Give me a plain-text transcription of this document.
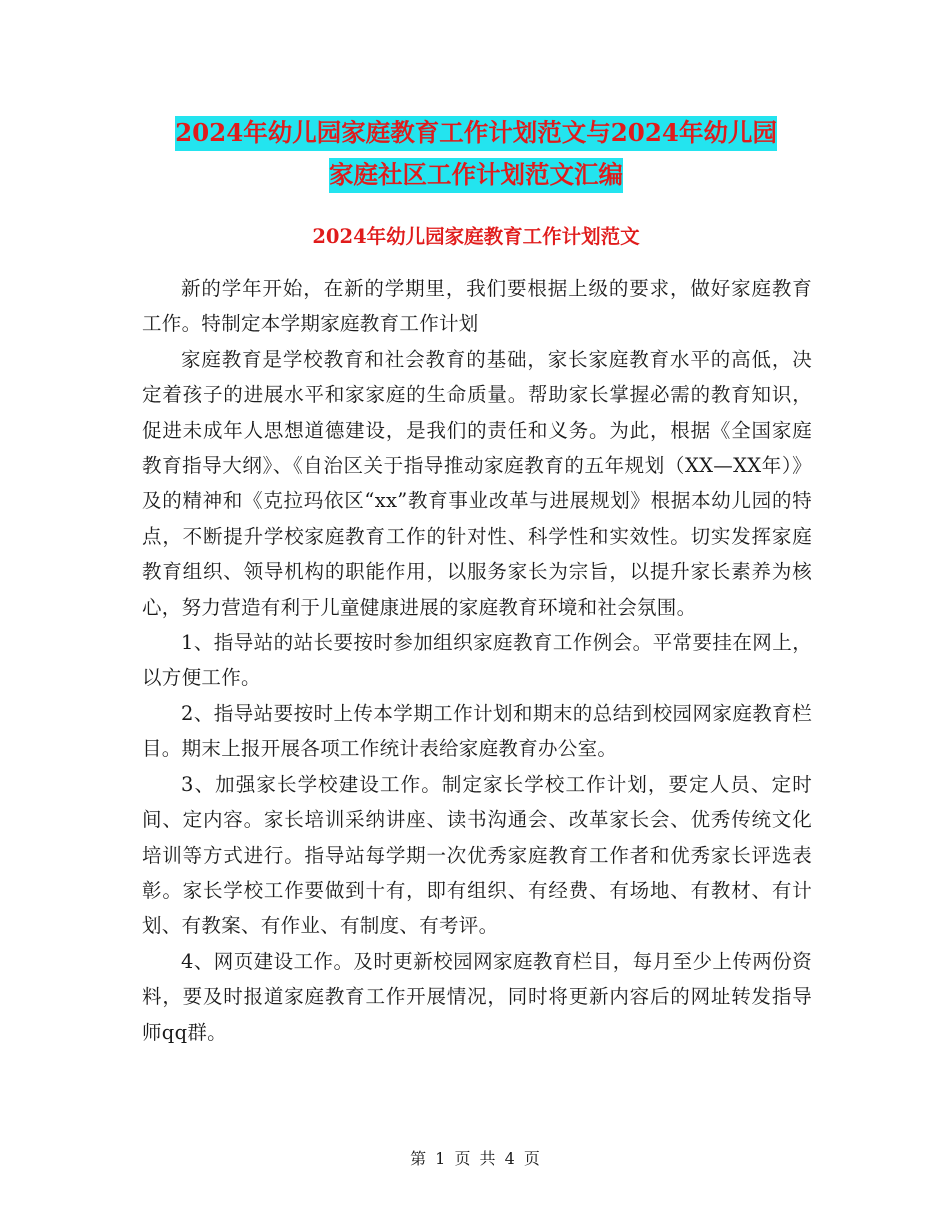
2024年幼儿园家庭教育工作计划范文与2024年幼儿园
家庭社区工作计划范文汇编
2024年幼儿园家庭教育工作计划范文

新的学年开始，在新的学期里，我们要根据上级的要求，做好家庭教育工作。特制定本学期家庭教育工作计划

家庭教育是学校教育和社会教育的基础，家长家庭教育水平的高低，决定着孩子的进展水平和家家庭的生命质量。帮助家长掌握必需的教育知识，促进未成年人思想道德建设，是我们的责任和义务。为此，根据《全国家庭教育指导大纲》、《自治区关于指导推动家庭教育的五年规划（XX—XX年）》及的精神和《克拉玛依区“xx”教育事业改革与进展规划》根据本幼儿园的特点，不断提升学校家庭教育工作的针对性、科学性和实效性。切实发挥家庭教育组织、领导机构的职能作用，以服务家长为宗旨，以提升家长素养为核心，努力营造有利于儿童健康进展的家庭教育环境和社会氛围。

1、指导站的站长要按时参加组织家庭教育工作例会。平常要挂在网上，以方便工作。

2、指导站要按时上传本学期工作计划和期末的总结到校园网家庭教育栏目。期末上报开展各项工作统计表给家庭教育办公室。

3、加强家长学校建设工作。制定家长学校工作计划，要定人员、定时间、定内容。家长培训采纳讲座、读书沟通会、改革家长会、优秀传统文化培训等方式进行。指导站每学期一次优秀家庭教育工作者和优秀家长评选表彰。家长学校工作要做到十有，即有组织、有经费、有场地、有教材、有计划、有教案、有作业、有制度、有考评。

4、网页建设工作。及时更新校园网家庭教育栏目，每月至少上传两份资料，要及时报道家庭教育工作开展情况，同时将更新内容后的网址转发指导师qq群。

第 1 页 共 4 页
